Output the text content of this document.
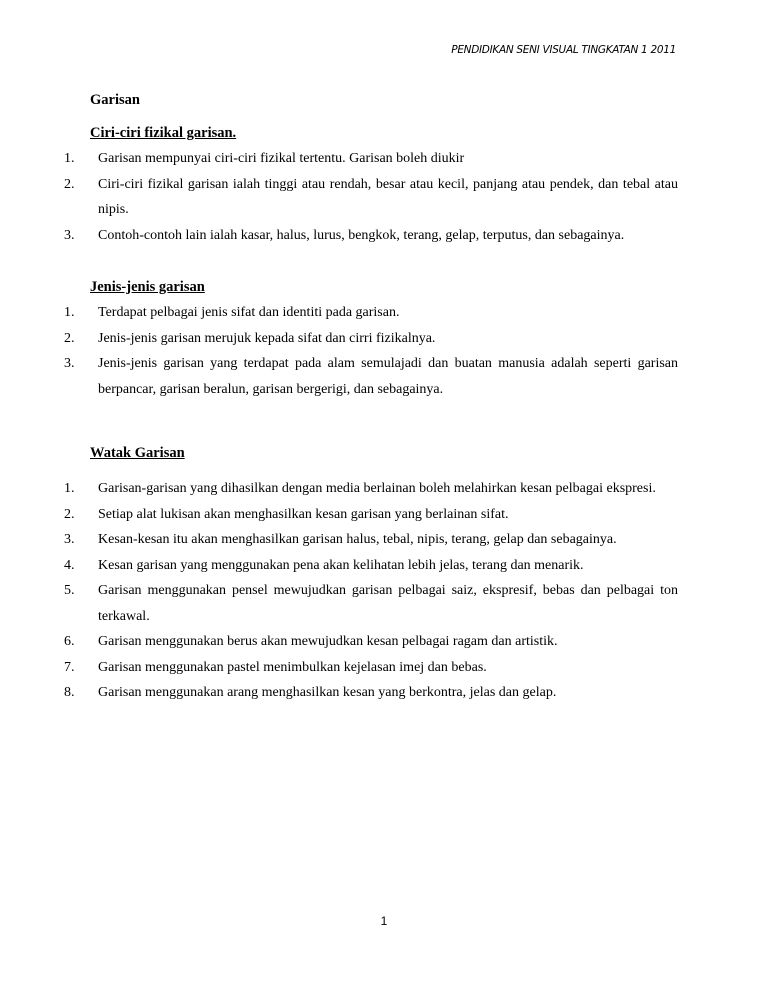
PENDIDIKAN SENI VISUAL TINGKATAN 1 2011
Garisan
Ciri-ciri fizikal garisan.
1. Garisan mempunyai ciri-ciri fizikal tertentu. Garisan boleh diukir
2. Ciri-ciri fizikal garisan ialah tinggi atau rendah, besar atau kecil, panjang atau pendek, dan tebal atau nipis.
3. Contoh-contoh lain ialah kasar, halus, lurus, bengkok, terang, gelap, terputus, dan sebagainya.
Jenis-jenis garisan
1. Terdapat pelbagai jenis sifat dan identiti pada garisan.
2. Jenis-jenis garisan merujuk kepada sifat dan cirri fizikalnya.
3. Jenis-jenis garisan yang terdapat pada alam semulajadi dan buatan manusia adalah seperti garisan berpancar, garisan beralun, garisan bergerigi, dan sebagainya.
Watak Garisan
1. Garisan-garisan yang dihasilkan dengan media berlainan boleh melahirkan kesan pelbagai ekspresi.
2. Setiap alat lukisan akan menghasilkan kesan garisan yang berlainan sifat.
3. Kesan-kesan itu akan menghasilkan garisan halus, tebal, nipis, terang, gelap dan sebagainya.
4. Kesan garisan yang menggunakan pena akan kelihatan lebih jelas, terang dan menarik.
5. Garisan menggunakan pensel mewujudkan garisan pelbagai saiz, ekspresif, bebas dan pelbagai ton terkawal.
6. Garisan menggunakan berus akan mewujudkan kesan pelbagai ragam dan artistik.
7. Garisan menggunakan pastel menimbulkan kejelasan imej dan bebas.
8. Garisan menggunakan arang menghasilkan kesan yang berkontra, jelas dan gelap.
1
